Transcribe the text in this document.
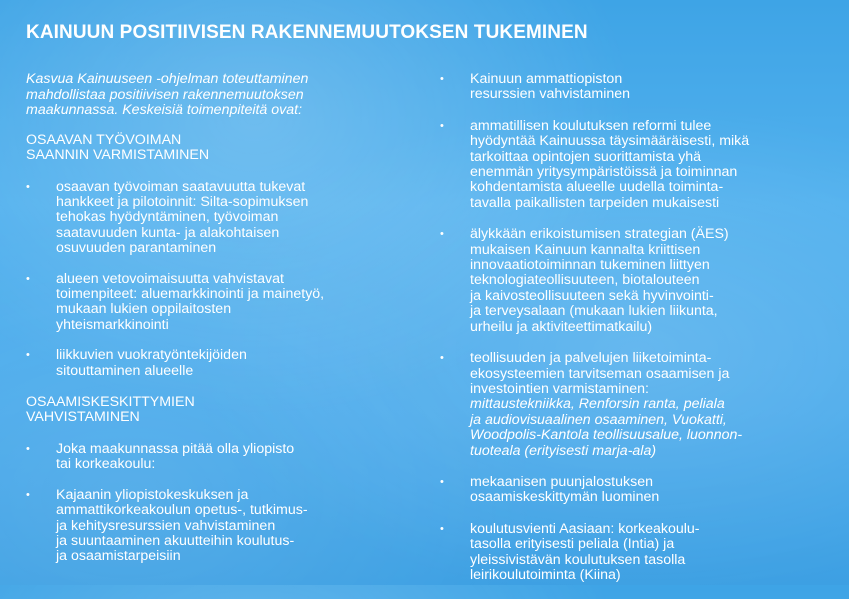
KAINUUN POSITIIVISEN RAKENNEMUUTOKSEN TUKEMINEN
Kasvua Kainuuseen -ohjelman toteuttaminen
mahdollistaa positiivisen rakennemuutoksen
maakunnassa. Keskeisiä toimenpiteitä ovat:
OSAAVAN TYÖVOIMAN
SAANNIN VARMISTAMINEN
• osaavan työvoiman saatavuutta tukevat
hankkeet ja pilotoinnit: Silta-sopimuksen
tehokas hyödyntäminen, työvoiman
saatavuuden kunta- ja alakohtaisen
osuvuuden parantaminen
• alueen vetovoimaisuutta vahvistavat
toimenpiteet: aluemarkkinointi ja mainetyö,
mukaan lukien oppilaitosten
yhteismarkkinointi
• liikkuvien vuokratyöntekijöiden
sitouttaminen alueelle
OSAAMISKESKITTYMIEN
VAHVISTAMINEN
• Joka maakunnassa pitää olla yliopisto
tai korkeakoulu:
• Kajaanin yliopistokeskuksen ja
ammattikorkeakoulun opetus-, tutkimus-
ja kehitysresurssien vahvistaminen
ja suuntaaminen akuutteihin koulutus-
ja osaamistarpeisiin
• Kainuun ammattiopiston
resurssien vahvistaminen
• ammatillisen koulutuksen reformi tulee
hyödyntää Kainuussa täysimääräisesti, mikä
tarkoittaa opintojen suorittamista yhä
enemmän yritysympäristöissä ja toiminnan
kohdentamista alueelle uudella toiminta-
tavalla paikallisten tarpeiden mukaisesti
• älykkään erikoistumisen strategian (ÄES)
mukaisen Kainuun kannalta kriittisen
innovaatiotoiminnan tukeminen liittyen
teknologiateollisuuteen, biotalouteen
ja kaivosteollisuuteen sekä hyvinvointi-
ja terveysalaan (mukaan lukien liikunta,
urheilu ja aktiviteettimatkailu)
• teollisuuden ja palvelujen liiketoiminta-
ekosysteemien tarvitseman osaamisen ja
investointien varmistaminen:
mittaustekniikka, Renforsin ranta, peliala
ja audiovisuaalinen osaaminen, Vuokatti,
Woodpolis-Kantola teollisuusalue, luonnon-
tuoteala (erityisesti marja-ala)
• mekaanisen puunjalostuksen
osaamiskeskittymän luominen
• koulutusvienti Aasiaan: korkeakoulu-
tasolla erityisesti peliala (Intia) ja
yleissivistävän koulutuksen tasolla
leirikoulutoiminta (Kiina)
